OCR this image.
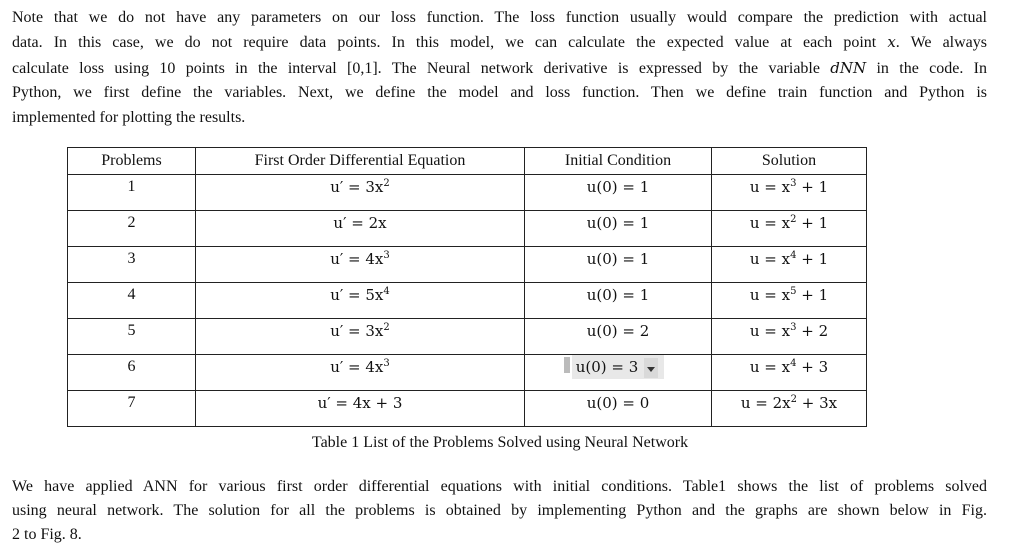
Note that we do not have any parameters on our loss function. The loss function usually would compare the prediction with actual
data. In this case, we do not require data points. In this model, we can calculate the expected value at each point x. We always
calculate loss using 10 points in the interval [0,1]. The Neural network derivative is expressed by the variable dNN in the code. In
Python, we first define the variables. Next, we define the model and loss function. Then we define train function and Python is
implemented for plotting the results.
Problems	First Order Differential Equation	Initial Condition	Solution
1	$u' = 3x^2$	u(0) = 1	$u = x^3 + 1$
2	u′ = 2x	u(0) = 1	$u = x^2 + 1$
3	$u' = 4x^3$	u(0) = 1	$u = x^4 + 1$
4	$u' = 5x^4$	u(0) = 1	$u = x^5 + 1$
5	$u' = 3x^2$	u(0) = 2	$u = x^3 + 2$
6	$u' = 4x^3$	u(0) = 3	$u = x^4 + 3$
7	u′ = 4x + 3	u(0) = 0	$u = 2x^2 + 3x$
Table 1 List of the Problems Solved using Neural Network
We have applied ANN for various first order differential equations with initial conditions. Table1 shows the list of problems solved
using neural network. The solution for all the problems is obtained by implementing Python and the graphs are shown below in Fig.
2 to Fig. 8.
